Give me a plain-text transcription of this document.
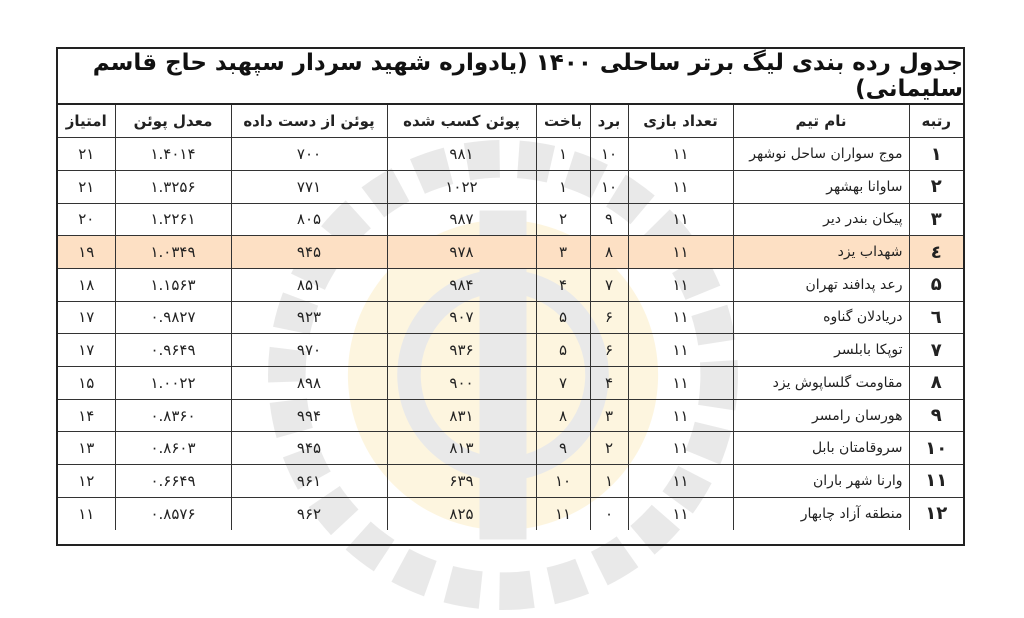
جدول رده بندی لیگ برتر ساحلی ۱۴۰۰ (یادواره شهید سردار سپهبد حاج قاسم سلیمانی)
رتبه	نام تیم	تعداد بازی	برد	باخت	پوئن کسب شده	پوئن از دست داده	معدل پوئن	امتیاز
۱	موج سواران ساحل نوشهر	۱۱	۱۰	۱	۹۸۱	۷۰۰	۱.۴۰۱۴	۲۱
۲	ساوانا بهشهر	۱۱	۱۰	۱	۱۰۲۲	۷۷۱	۱.۳۲۵۶	۲۱
۳	پیکان بندر دیر	۱۱	۹	۲	۹۸۷	۸۰۵	۱.۲۲۶۱	۲۰
٤	شهداب یزد	۱۱	۸	۳	۹۷۸	۹۴۵	۱.۰۳۴۹	۱۹
۵	رعد پدافند تهران	۱۱	۷	۴	۹۸۴	۸۵۱	۱.۱۵۶۳	۱۸
٦	دریادلان گناوه	۱۱	۶	۵	۹۰۷	۹۲۳	۰.۹۸۲۷	۱۷
۷	توپکا بابلسر	۱۱	۶	۵	۹۳۶	۹۷۰	۰.۹۶۴۹	۱۷
۸	مقاومت گلساپوش یزد	۱۱	۴	۷	۹۰۰	۸۹۸	۱.۰۰۲۲	۱۵
۹	هورسان رامسر	۱۱	۳	۸	۸۳۱	۹۹۴	۰.۸۳۶۰	۱۴
۱۰	سروقامتان بابل	۱۱	۲	۹	۸۱۳	۹۴۵	۰.۸۶۰۳	۱۳
۱۱	وارنا شهر باران	۱۱	۱	۱۰	۶۳۹	۹۶۱	۰.۶۶۴۹	۱۲
۱۲	منطقه آزاد چابهار	۱۱	۰	۱۱	۸۲۵	۹۶۲	۰.۸۵۷۶	۱۱
